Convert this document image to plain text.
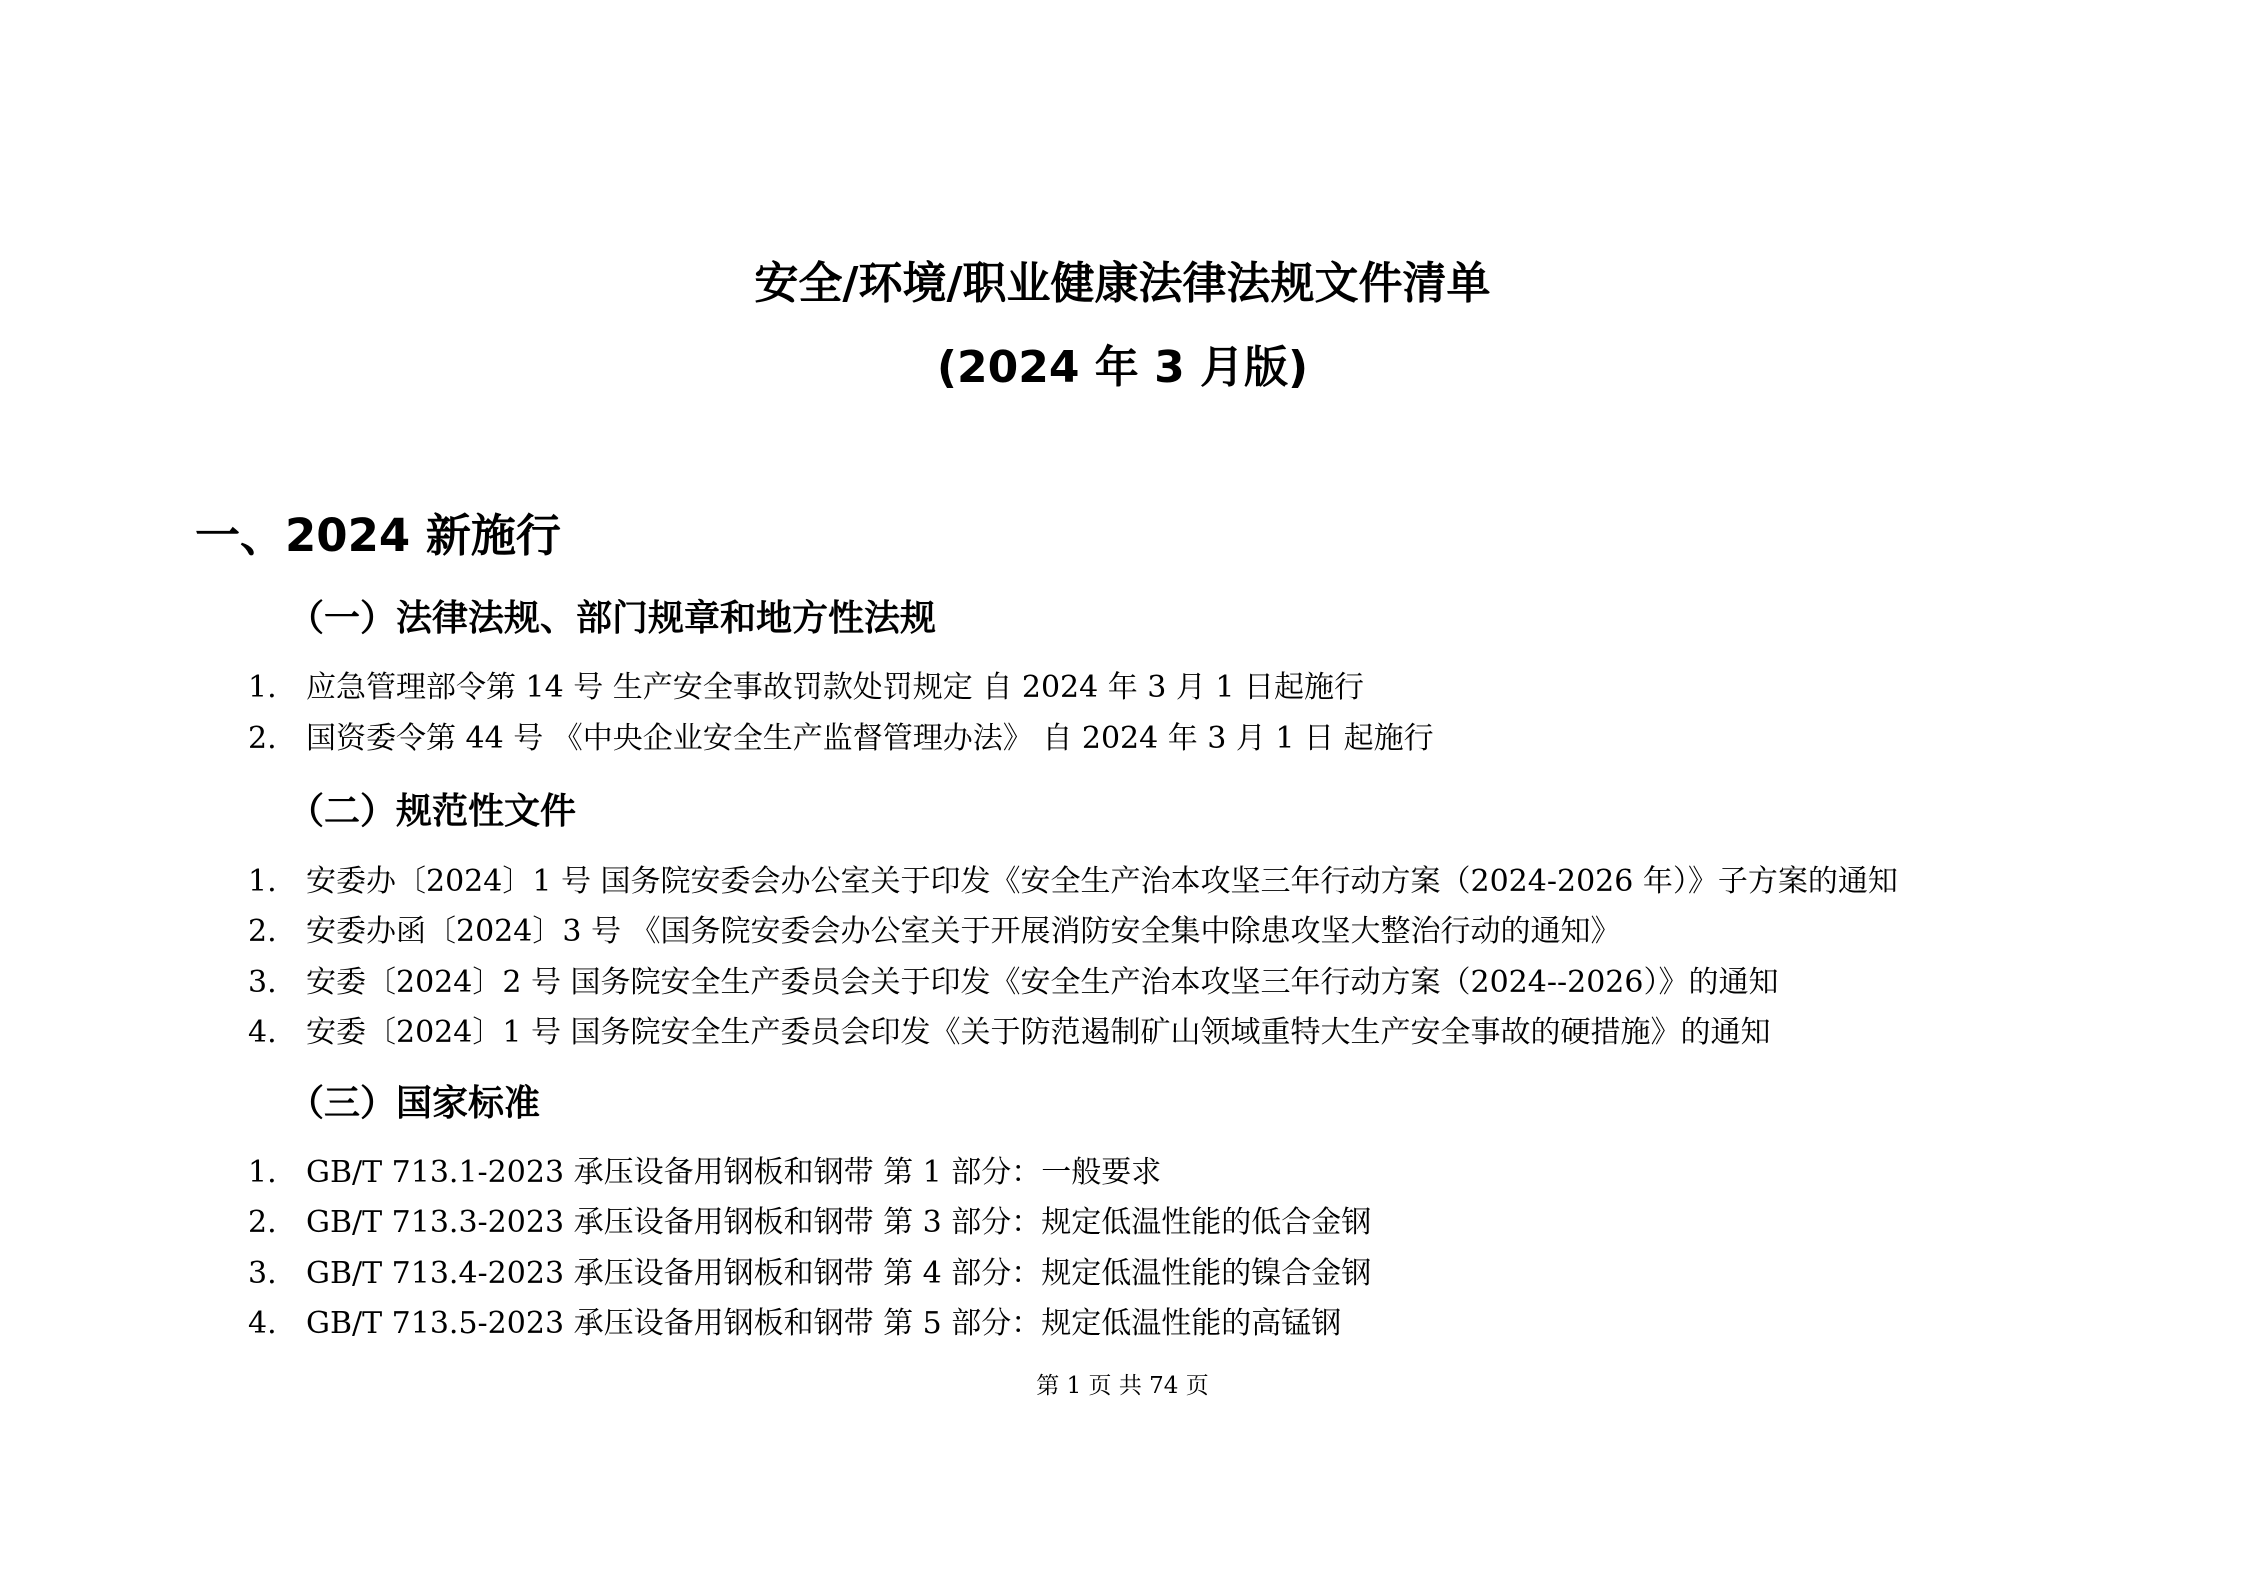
安全/环境/职业健康法律法规文件清单
(2024 年 3 月版)
一、2024 新施行
（一）法律法规、部门规章和地方性法规
1. 应急管理部令第 14 号 生产安全事故罚款处罚规定 自 2024 年 3 月 1 日起施行
2. 国资委令第 44 号 《中央企业安全生产监督管理办法》 自 2024 年 3 月 1 日 起施行
（二）规范性文件
1. 安委办〔2024〕1 号 国务院安委会办公室关于印发《安全生产治本攻坚三年行动方案（2024-2026 年）》子方案的通知
2. 安委办函〔2024〕3 号 《国务院安委会办公室关于开展消防安全集中除患攻坚大整治行动的通知》
3. 安委〔2024〕2 号 国务院安全生产委员会关于印发《安全生产治本攻坚三年行动方案（2024--2026）》的通知
4. 安委〔2024〕1 号 国务院安全生产委员会印发《关于防范遏制矿山领域重特大生产安全事故的硬措施》的通知
（三）国家标准
1. GB/T 713.1-2023 承压设备用钢板和钢带 第 1 部分：一般要求
2. GB/T 713.3-2023 承压设备用钢板和钢带 第 3 部分：规定低温性能的低合金钢
3. GB/T 713.4-2023 承压设备用钢板和钢带 第 4 部分：规定低温性能的镍合金钢
4. GB/T 713.5-2023 承压设备用钢板和钢带 第 5 部分：规定低温性能的高锰钢
第 1 页 共 74 页
